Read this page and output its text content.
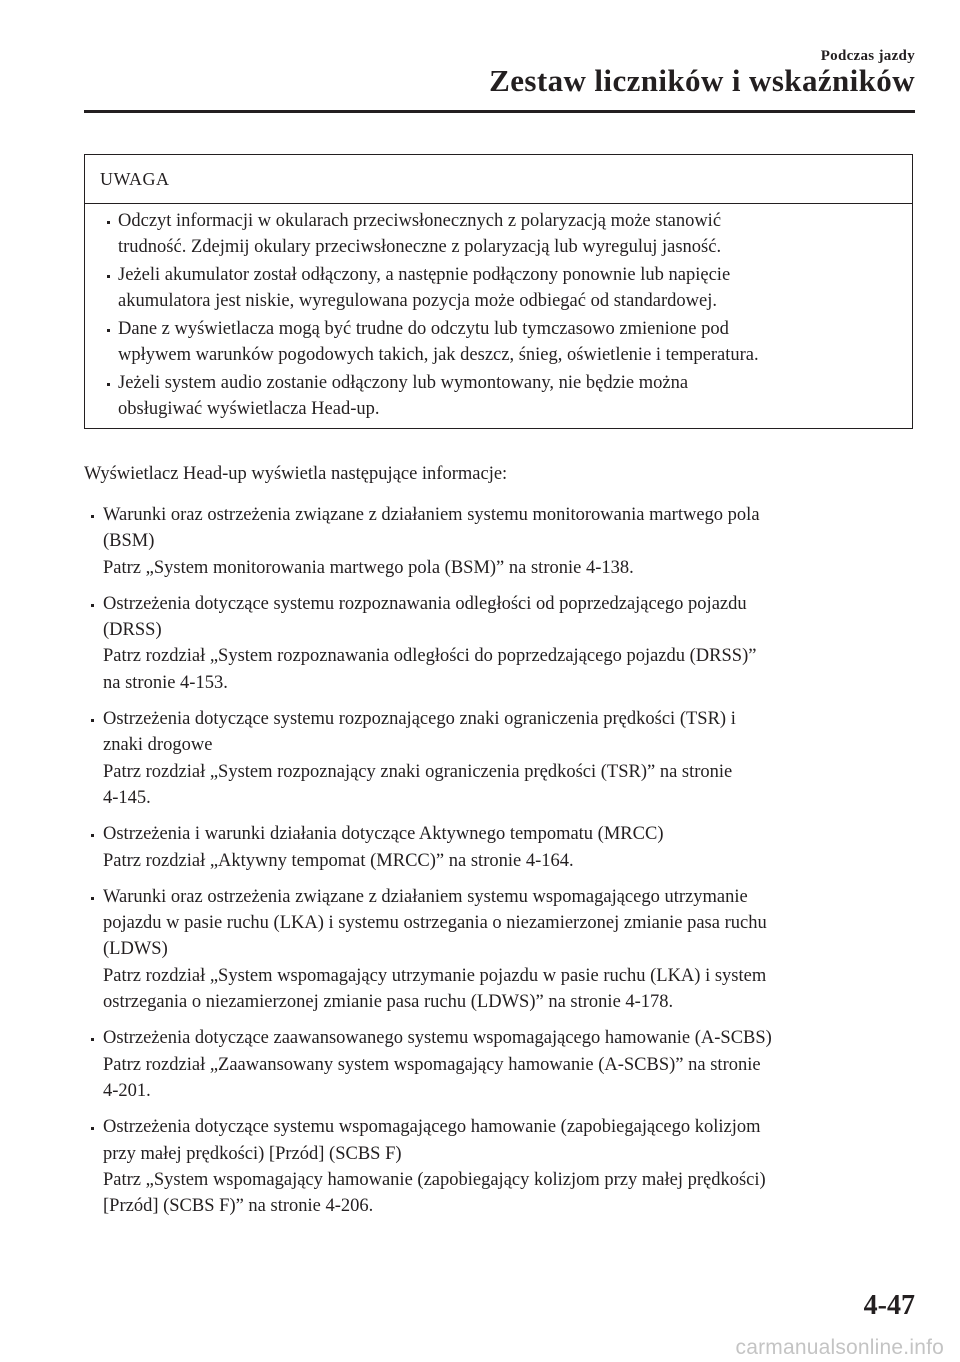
Podczas jazdy
Zestaw liczników i wskaźników
UWAGA
Odczyt informacji w okularach przeciwsłonecznych z polaryzacją może stanowić
trudność. Zdejmij okulary przeciwsłoneczne z polaryzacją lub wyreguluj jasność.
Jeżeli akumulator został odłączony, a następnie podłączony ponownie lub napięcie
akumulatora jest niskie, wyregulowana pozycja może odbiegać od standardowej.
Dane z wyświetlacza mogą być trudne do odczytu lub tymczasowo zmienione pod
wpływem warunków pogodowych takich, jak deszcz, śnieg, oświetlenie i temperatura.
Jeżeli system audio zostanie odłączony lub wymontowany, nie będzie można
obsługiwać wyświetlacza Head-up.
Wyświetlacz Head-up wyświetla następujące informacje:
Warunki oraz ostrzeżenia związane z działaniem systemu monitorowania martwego pola
(BSM)
Patrz „System monitorowania martwego pola (BSM)” na stronie 4-138.
Ostrzeżenia dotyczące systemu rozpoznawania odległości od poprzedzającego pojazdu
(DRSS)
Patrz rozdział „System rozpoznawania odległości do poprzedzającego pojazdu (DRSS)”
na stronie 4-153.
Ostrzeżenia dotyczące systemu rozpoznającego znaki ograniczenia prędkości (TSR) i
znaki drogowe
Patrz rozdział „System rozpoznający znaki ograniczenia prędkości (TSR)” na stronie
4-145.
Ostrzeżenia i warunki działania dotyczące Aktywnego tempomatu (MRCC)
Patrz rozdział „Aktywny tempomat (MRCC)” na stronie 4-164.
Warunki oraz ostrzeżenia związane z działaniem systemu wspomagającego utrzymanie
pojazdu w pasie ruchu (LKA) i systemu ostrzegania o niezamierzonej zmianie pasa ruchu
(LDWS)
Patrz rozdział „System wspomagający utrzymanie pojazdu w pasie ruchu (LKA) i system
ostrzegania o niezamierzonej zmianie pasa ruchu (LDWS)” na stronie 4-178.
Ostrzeżenia dotyczące zaawansowanego systemu wspomagającego hamowanie (A-SCBS)
Patrz rozdział „Zaawansowany system wspomagający hamowanie (A-SCBS)” na stronie
4-201.
Ostrzeżenia dotyczące systemu wspomagającego hamowanie (zapobiegającego kolizjom
przy małej prędkości) [Przód] (SCBS F)
Patrz „System wspomagający hamowanie (zapobiegający kolizjom przy małej prędkości)
[Przód] (SCBS F)” na stronie 4-206.
4-47
carmanualsonline.info
